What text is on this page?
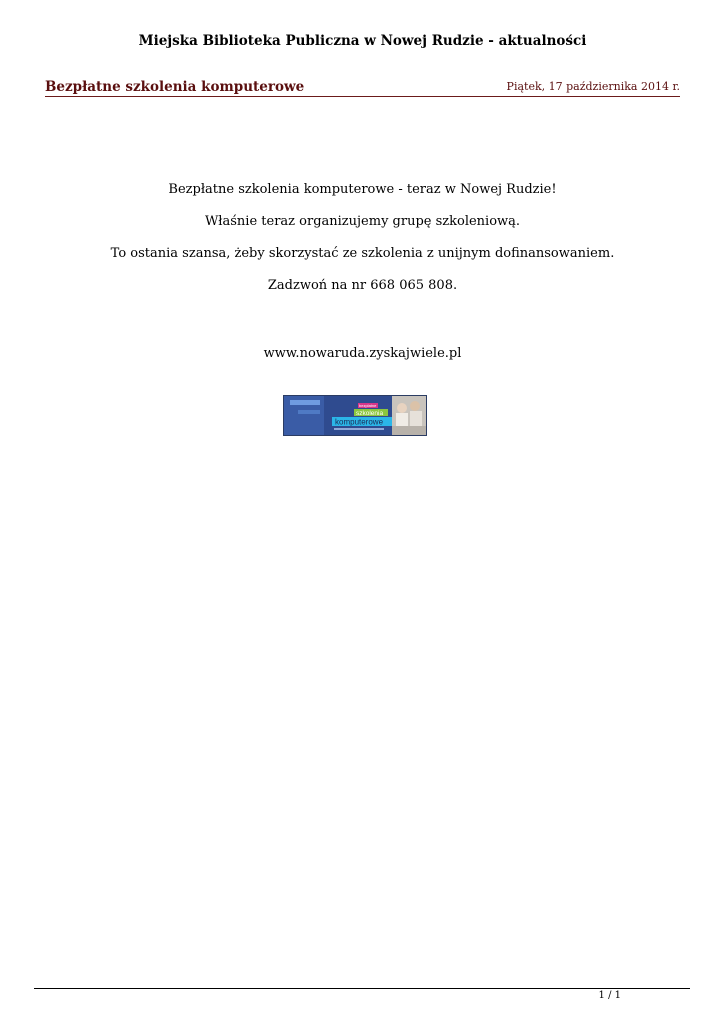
Miejska Biblioteka Publiczna w Nowej Rudzie - aktualności
Bezpłatne szkolenia komputerowe	Piątek, 17 października 2014 r.

Bezpłatne szkolenia komputerowe - teraz w Nowej Rudzie!

Właśnie teraz organizujemy grupę szkoleniową.

To ostania szansa, żeby skorzystać ze szkolenia z unijnym dofinansowaniem.

Zadzwoń na nr 668 065 808.

www.nowaruda.zyskajwiele.pl

bezpłatne
szkolenia
komputerowe
1 / 1
